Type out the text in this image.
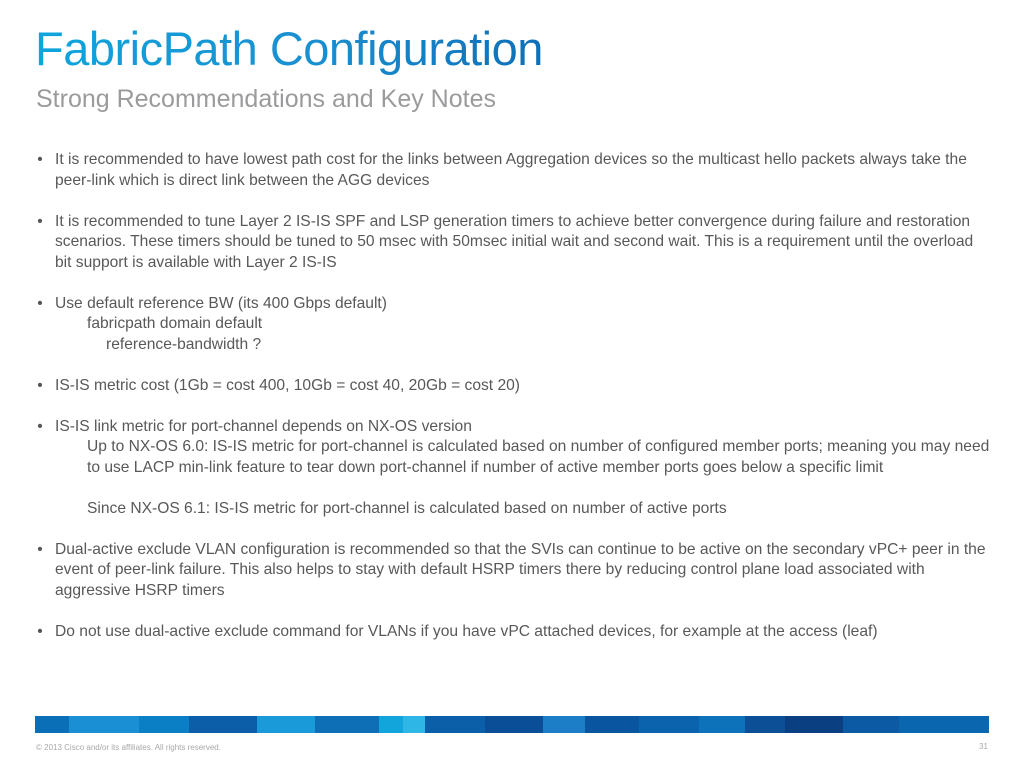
FabricPath Configuration
Strong Recommendations and Key Notes
• It is recommended to have lowest path cost for the links between Aggregation devices so the multicast hello packets always take the peer-link which is direct link between the AGG devices

• It is recommended to tune Layer 2 IS-IS SPF and LSP generation timers to achieve better convergence during failure and restoration scenarios. These timers should be tuned to 50 msec with 50msec initial wait and second wait. This is a requirement until the overload bit support is available with Layer 2 IS-IS

• Use default reference BW (its 400 Gbps default)

fabricpath domain default

reference-bandwidth ?

• IS-IS metric cost (1Gb = cost 400, 10Gb = cost 40, 20Gb = cost 20)

• IS-IS link metric for port-channel depends on NX-OS version

Up to NX-OS 6.0: IS-IS metric for port-channel is calculated based on number of configured member ports; meaning you may need to use LACP min-link feature to tear down port-channel if number of active member ports goes below a specific limit

Since NX-OS 6.1: IS-IS metric for port-channel is calculated based on number of active ports

• Dual-active exclude VLAN configuration is recommended so that the SVIs can continue to be active on the secondary vPC+ peer in the event of peer-link failure. This also helps to stay with default HSRP timers there by reducing control plane load associated with aggressive HSRP timers

• Do not use dual-active exclude command for VLANs if you have vPC attached devices, for example at the access (leaf)

© 2013 Cisco and/or its affiliates. All rights reserved.	31
